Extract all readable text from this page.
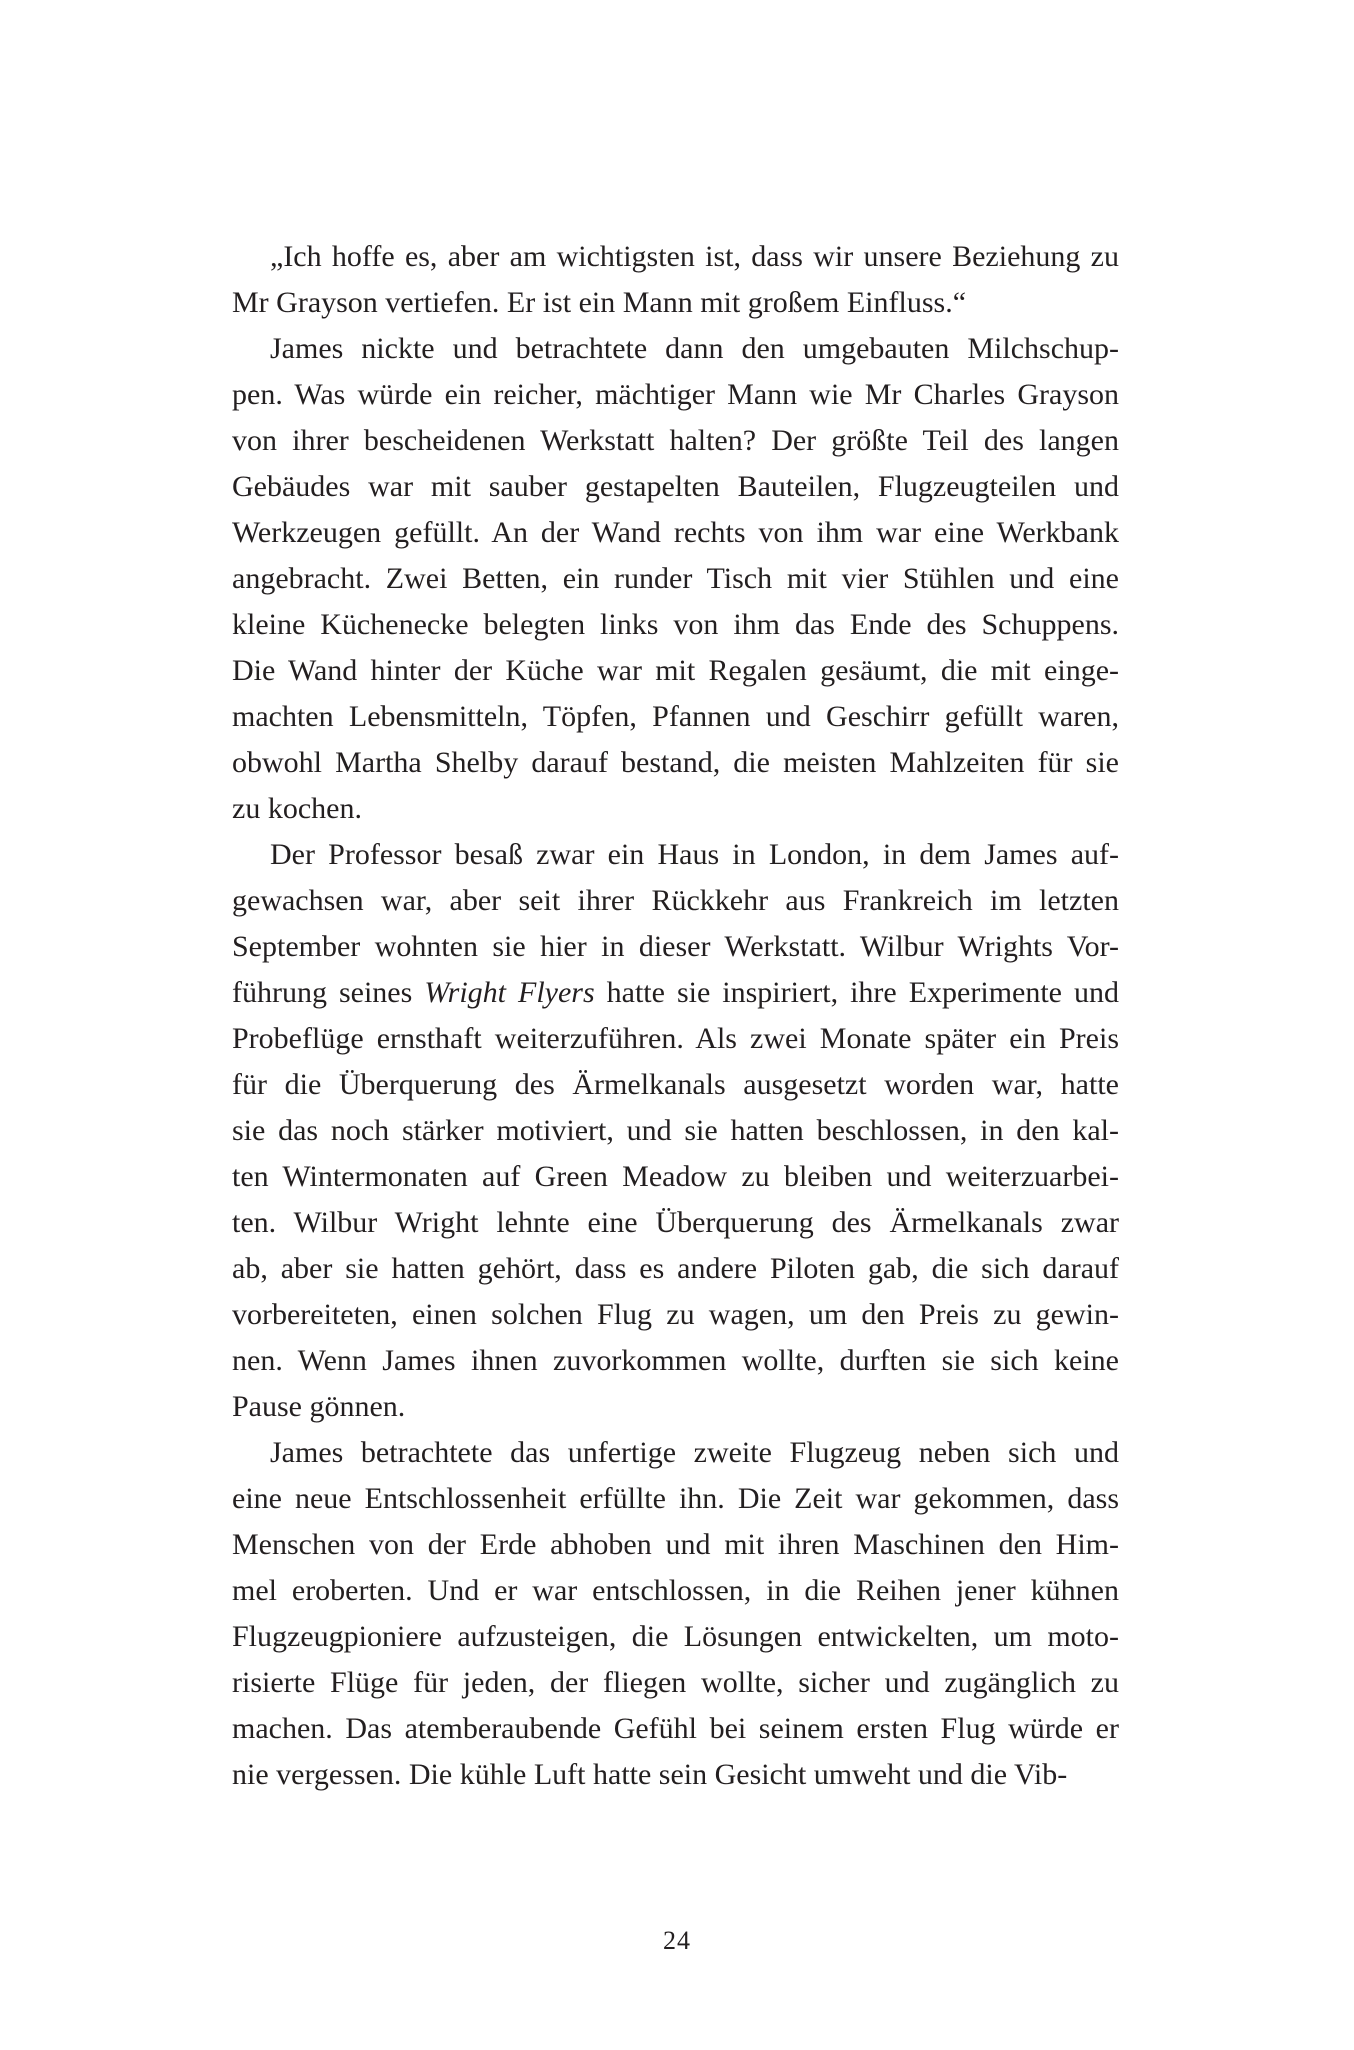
„Ich hoffe es, aber am wichtigsten ist, dass wir unsere Beziehung zu
Mr Grayson vertiefen. Er ist ein Mann mit großem Einfluss.“
James nickte und betrachtete dann den umgebauten Milchschup-
pen. Was würde ein reicher, mächtiger Mann wie Mr Charles Grayson
von ihrer bescheidenen Werkstatt halten? Der größte Teil des langen
Gebäudes war mit sauber gestapelten Bauteilen, Flugzeugteilen und
Werkzeugen gefüllt. An der Wand rechts von ihm war eine Werkbank
angebracht. Zwei Betten, ein runder Tisch mit vier Stühlen und eine
kleine Küchenecke belegten links von ihm das Ende des Schuppens.
Die Wand hinter der Küche war mit Regalen gesäumt, die mit einge-
machten Lebensmitteln, Töpfen, Pfannen und Geschirr gefüllt waren,
obwohl Martha Shelby darauf bestand, die meisten Mahlzeiten für sie
zu kochen.
Der Professor besaß zwar ein Haus in London, in dem James auf-
gewachsen war, aber seit ihrer Rückkehr aus Frankreich im letzten
September wohnten sie hier in dieser Werkstatt. Wilbur Wrights Vor-
führung seines Wright Flyers hatte sie inspiriert, ihre Experimente und
Probeflüge ernsthaft weiterzuführen. Als zwei Monate später ein Preis
für die Überquerung des Ärmelkanals ausgesetzt worden war, hatte
sie das noch stärker motiviert, und sie hatten beschlossen, in den kal-
ten Wintermonaten auf Green Meadow zu bleiben und weiterzuarbei-
ten. Wilbur Wright lehnte eine Überquerung des Ärmelkanals zwar
ab, aber sie hatten gehört, dass es andere Piloten gab, die sich darauf
vorbereiteten, einen solchen Flug zu wagen, um den Preis zu gewin-
nen. Wenn James ihnen zuvorkommen wollte, durften sie sich keine
Pause gönnen.
James betrachtete das unfertige zweite Flugzeug neben sich und
eine neue Entschlossenheit erfüllte ihn. Die Zeit war gekommen, dass
Menschen von der Erde abhoben und mit ihren Maschinen den Him-
mel eroberten. Und er war entschlossen, in die Reihen jener kühnen
Flugzeugpioniere aufzusteigen, die Lösungen entwickelten, um moto-
risierte Flüge für jeden, der fliegen wollte, sicher und zugänglich zu
machen. Das atemberaubende Gefühl bei seinem ersten Flug würde er
nie vergessen. Die kühle Luft hatte sein Gesicht umweht und die Vib-
24
